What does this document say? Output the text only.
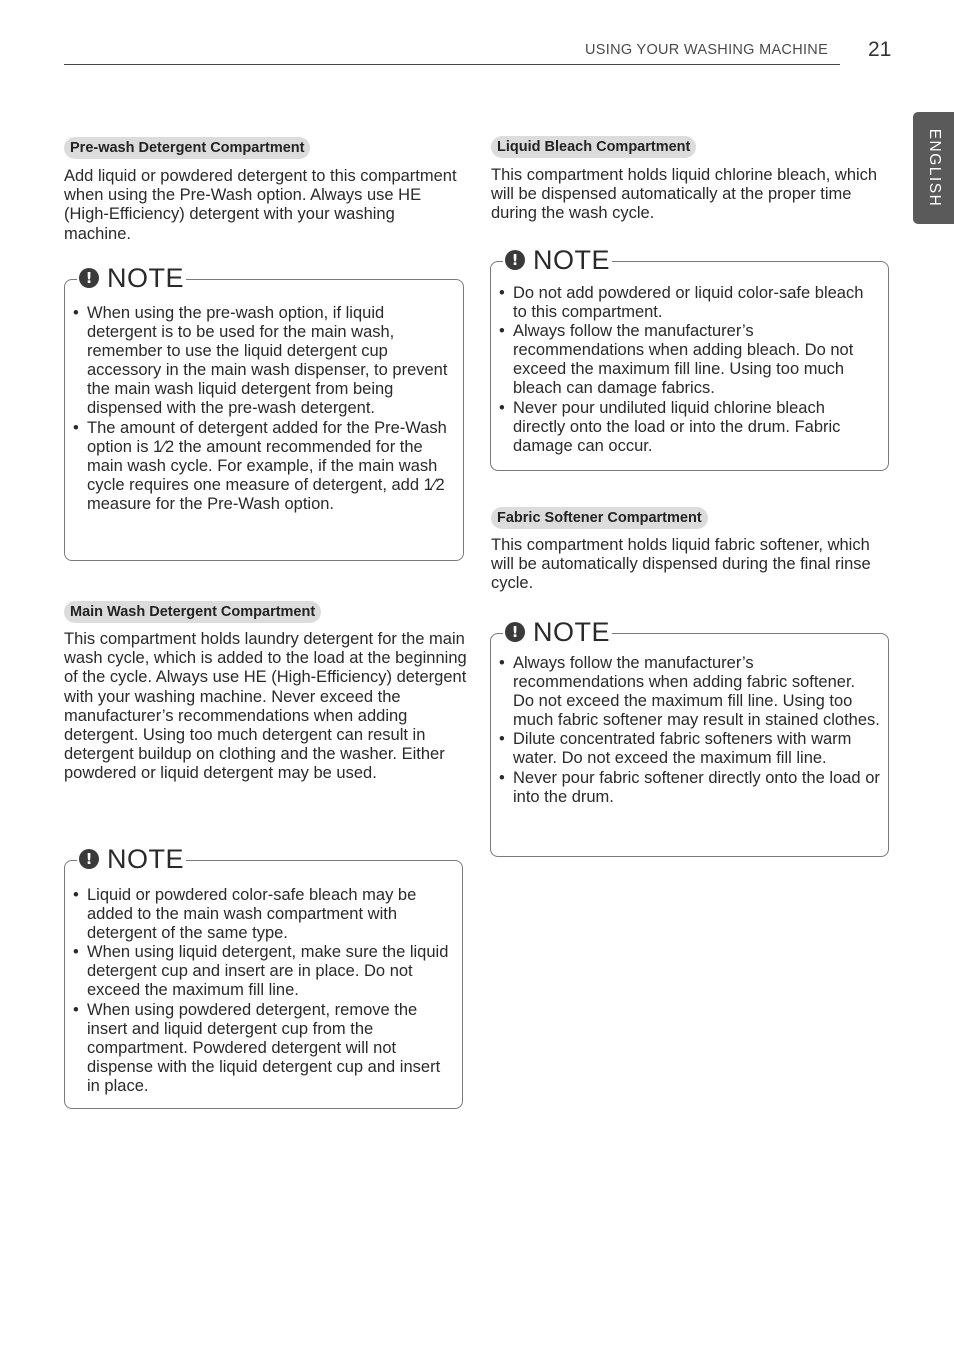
USING YOUR WASHING MACHINE 21
ENGLISH
Pre-wash Detergent Compartment

Add liquid or powdered detergent to this compartment when using the Pre-Wash option. Always use HE (High-Efficiency) detergent with your washing machine.

! NOTE
• When using the pre-wash option, if liquid detergent is to be used for the main wash, remember to use the liquid detergent cup accessory in the main wash dispenser, to prevent the main wash liquid detergent from being dispensed with the pre-wash detergent.
• The amount of detergent added for the Pre-Wash option is 1⁄2 the amount recommended for the main wash cycle. For example, if the main wash cycle requires one measure of detergent, add 1⁄2 measure for the Pre-Wash option.
Main Wash Detergent Compartment

This compartment holds laundry detergent for the main wash cycle, which is added to the load at the beginning of the cycle. Always use HE (High-Efficiency) detergent with your washing machine. Never exceed the manufacturer’s recommendations when adding detergent. Using too much detergent can result in detergent buildup on clothing and the washer. Either powdered or liquid detergent may be used.

! NOTE
• Liquid or powdered color-safe bleach may be added to the main wash compartment with detergent of the same type.
• When using liquid detergent, make sure the liquid detergent cup and insert are in place. Do not exceed the maximum fill line.
• When using powdered detergent, remove the insert and liquid detergent cup from the compartment. Powdered detergent will not dispense with the liquid detergent cup and insert in place.
Liquid Bleach Compartment

This compartment holds liquid chlorine bleach, which will be dispensed automatically at the proper time during the wash cycle.

! NOTE
• Do not add powdered or liquid color-safe bleach to this compartment.
• Always follow the manufacturer’s recommendations when adding bleach. Do not exceed the maximum fill line. Using too much bleach can damage fabrics.
• Never pour undiluted liquid chlorine bleach directly onto the load or into the drum. Fabric damage can occur.
Fabric Softener Compartment

This compartment holds liquid fabric softener, which will be automatically dispensed during the final rinse cycle.

! NOTE
• Always follow the manufacturer’s recommendations when adding fabric softener. Do not exceed the maximum fill line. Using too much fabric softener may result in stained clothes.
• Dilute concentrated fabric softeners with warm water. Do not exceed the maximum fill line.
• Never pour fabric softener directly onto the load or into the drum.
